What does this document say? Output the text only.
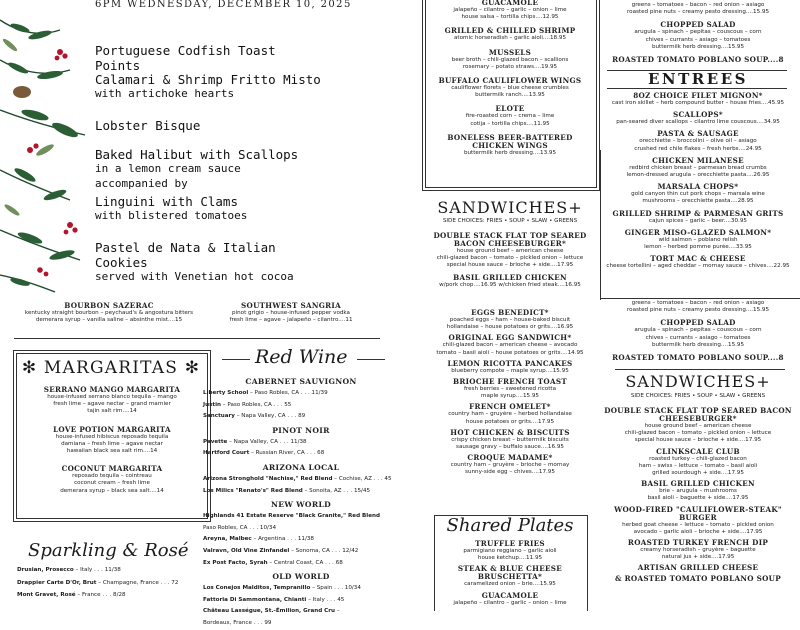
6PM WEDNESDAY, DECEMBER 10, 2025
Portuguese Codfish Toast Points
Calamari & Shrimp Fritto Misto
with artichoke hearts
Lobster Bisque
Baked Halibut with Scallops
in a lemon cream sauce
accompanied by
Linguini with Clams
with blistered tomatoes
Pastel de Nata & Italian Cookies
served with Venetian hot cocoa
BOURBON SAZERAC
kentucky straight bourbon – peychaud's & angostura bitters
demerara syrup – vanilla saline – absinthe mist....15
SOUTHWEST SANGRIA
pinot grigio – house-infused pepper vodka
fresh lime – agave – jalapeño – cilantro....11
✻ MARGARITAS ✻
SERRANO MANGO MARGARITA
house-infused serrano blanco tequila – mango
fresh lime – agave nectar – grand marnier
tajin salt rim....14
LOVE POTION MARGARITA
house-infused hibiscus reposado tequila
damiana – fresh lime – agave nectar
hawaiian black sea salt rim....14
COCONUT MARGARITA
reposado tequila – cointreau
coconut cream – fresh lime
demerara syrup – black sea salt....14
Sparkling & Rosé
Drusian, Prosecco – Italy . . . 11/38
Drappier Carte D'Or, Brut – Champagne, France . . . 72
Mont Gravet, Rosé – France . . . 8/28
Red Wine
CABERNET SAUVIGNON
Liberty School – Paso Robles, CA . . . 11/39
Justin – Paso Robles, CA . . . 55
Sanctuary – Napa Valley, CA . . . 89
PINOT NOIR
Pavette – Napa Valley, CA . . . 11/38
Hartford Court – Russian River, CA . . . 68
ARIZONA LOCAL
Arizona Stronghold "Nachise," Red Blend – Cochise, AZ . . . 45
Los Milics "Renato's" Red Blend – Sonoita, AZ . . . 15/45
NEW WORLD
Highlands 41 Estate Reserve "Black Granite," Red Blend
Paso Robles, CA . . . 10/34
Areyna, Malbec – Argentina . . . 11/38
Valravn, Old Vine Zinfandel – Sonoma, CA . . . 12/42
Ex Post Facto, Syrah – Central Coast, CA . . . 68
OLD WORLD
Los Conejos Malditos, Tempranillo – Spain . . . 10/34
Fattoria Di Sammontana, Chianti – Italy . . . 45
Château Lasségue, St.-Émilion, Grand Cru –
Bordeaux, France . . . 99
GUACAMOLE
jalapeño – cilantro – garlic – onion – lime
house salsa – tortilla chips....12.95
GRILLED & CHILLED SHRIMP
atomic horseradish – garlic aioli....18.95
MUSSELS
beer broth – chili-glazed bacon – scallions
rosemary – potato straws....19.95
BUFFALO CAULIFLOWER WINGS
cauliflower florets – blue cheese crumbles
buttermilk ranch....13.95
ELOTE
fire-roasted corn – crema – lime
cotija – tortilla chips....11.95
BONELESS BEER-BATTERED CHICKEN WINGS
buttermilk herb dressing....13.95
SANDWICHES+
SIDE CHOICES: FRIES • SOUP • SLAW • GREENS
DOUBLE STACK FLAT TOP SEARED BACON CHEESEBURGER*
house ground beef – american cheese
chili-glazed bacon – tomato – pickled onion – lettuce
special house sauce – brioche + side....17.95
BASIL GRILLED CHICKEN
w/pork chop....16.95 w/chicken fried steak....16.95
EGGS BENEDICT*
poached eggs – ham – house-baked biscuit
hollandaise – house potatoes or grits....16.95
ORIGINAL EGG SANDWICH*
chili-glazed bacon – american cheese – avocado
tomato – basil aioli – house potatoes or grits....14.95
LEMON RICOTTA PANCAKES
blueberry compote – maple syrup....15.95
BRIOCHE FRENCH TOAST
fresh berries – sweetened ricotta
maple syrup....15.95
FRENCH OMELET*
country ham – gruyère – herbed hollandaise
house potatoes or grits....17.95
HOT CHICKEN & BISCUITS
crispy chicken breast – buttermilk biscuits
sausage gravy – buffalo sauce....16.95
CROQUE MADAME*
country ham – gruyère – brioche – mornay
sunny-side egg – chives....17.95
Shared Plates
TRUFFLE FRIES
parmigiano reggiano – garlic aioli
house ketchup....11.95
STEAK & BLUE CHEESE BRUSCHETTA*
caramelized onion – brie....15.95
GUACAMOLE
jalapeño – cilantro – garlic – onion – lime
greens – tomatoes – bacon – red onion – asiago
roasted pine nuts – creamy pesto dressing....15.95
CHOPPED SALAD
arugula – spinach – pepitas – couscous – corn
chives – currants – asiago – tomatoes
buttermilk herb dressing....15.95
ROASTED TOMATO POBLANO SOUP....8
ENTREES
8OZ CHOICE FILET MIGNON*
cast iron skillet – herb compound butter – house fries....45.95
SCALLOPS*
pan-seared diver scallops – cilantro lime couscous....34.95
PASTA & SAUSAGE
orecchiette – broccolini – olive oil – asiago
crushed red chile flakes – fresh herbs....24.95
CHICKEN MILANESE
redbird chicken breast – parmesan bread crumbs
lemon-dressed arugula – orecchiette pasta....26.95
MARSALA CHOPS*
gold canyon thin cut pork chops – marsala wine
mushrooms – orecchiette pasta....28.95
GRILLED SHRIMP & PARMESAN GRITS
cajun spices – garlic – beer....30.95
GINGER MISO-GLAZED SALMON*
wild salmon – poblano relish
lemon – herbed pomme purée....33.95
TORT MAC & CHEESE
cheese tortellini – aged cheddar – mornay sauce – chives....22.95
greens – tomatoes – bacon – red onion – asiago
roasted pine nuts – creamy pesto dressing....15.95
CHOPPED SALAD
arugula – spinach – pepitas – couscous – corn
chives – currants – asiago – tomatoes
buttermilk herb dressing....15.95
ROASTED TOMATO POBLANO SOUP....8
SANDWICHES+
SIDE CHOICES: FRIES • SOUP • SLAW • GREENS
DOUBLE STACK FLAT TOP SEARED BACON CHEESEBURGER*
house ground beef – american cheese
chili-glazed bacon – tomato – pickled onion – lettuce
special house sauce – brioche + side....17.95
CLINKSCALE CLUB
roasted turkey – chili-glazed bacon
ham – swiss – lettuce – tomato – basil aioli
grilled sourdough + side....17.95
BASIL GRILLED CHICKEN
brie – arugula – mushrooms
basil aioli – baguette + side....17.95
WOOD-FIRED "CAULIFLOWER-STEAK" BURGER
herbed goat cheese – lettuce – tomato – pickled onion
avocado – garlic aioli – brioche + side....17.95
ROASTED TURKEY FRENCH DIP
creamy horseradish – gruyère – baguette
natural jus + side....17.95
ARTISAN GRILLED CHEESE
& ROASTED TOMATO POBLANO SOUP
